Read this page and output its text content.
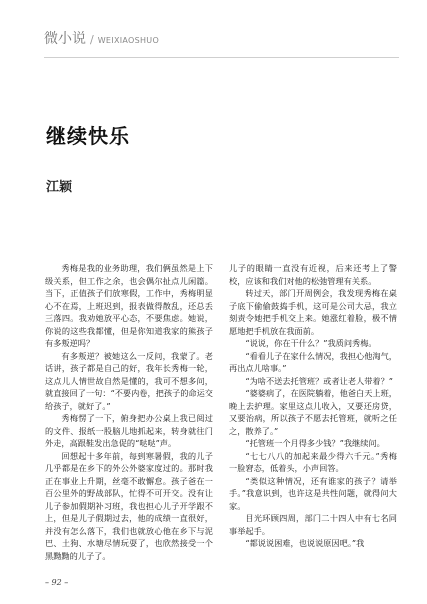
微小说 / WEIXIAOSHUO
继续快乐
江颖

秀梅是我的业务助理，我们俩虽然是上下级关系，但工作之余，也会偶尔扯点儿闲篇。当下，正值孩子们放寒假，工作中，秀梅明显心不在焉，上班迟到，报表做得散乱，还总丢三落四。我劝她放平心态，不要焦虑。她说，你说的这些我都懂，但是你知道我家的熊孩子有多叛逆吗？

有多叛逆？被她这么一反问，我蒙了。老话讲，孩子都是自己的好，我年长秀梅一轮，这点儿人情世故自然是懂的，我可不想多问，就直接回了一句：“不要内卷，把孩子的命运交给孩子，就好了。”

秀梅愣了一下，俯身把办公桌上我已阅过的文件、报纸一股脑儿地抓起来，转身就往门外走，高跟鞋发出急促的“哒哒”声。

回想起十多年前，每到寒暑假，我的儿子几乎都是在乡下的外公外婆家度过的。那时我正在事业上升期，丝毫不敢懈怠。孩子爸在一百公里外的野战部队，忙得不可开交。没有让儿子参加假期补习班，我也担心儿子开学跟不上，但是儿子假期过去，他的成绩一直很好，并没有怎么落下，我们也就放心他在乡下与泥巴、土狗、水塘尽情玩耍了，也欣然接受一个黑黝黝的儿子了。

儿子的眼睛一直没有近视，后来还考上了警校，应该和我们对他的松弛管理有关系。

转过天，部门开周例会，我发现秀梅在桌子底下偷偷鼓捣手机，这可是公司大忌，我立刻责令她把手机交上来。她涨红着脸，极不情愿地把手机放在我面前。

“说说，你在干什么？”我质问秀梅。

“看看儿子在家什么情况，我担心他淘气，再出点儿啥事。”

“为啥不送去托管班？或者让老人带着？”

“婆婆病了，在医院躺着，他爸白天上班，晚上去护理。家里这点儿收入，又要还房贷，又要治病，所以孩子不愿去托管班，就听之任之，散养了。”

“托管班一个月得多少钱？”我继续问。

“七七八八的加起来最少得六千元。”秀梅一脸窘态，低着头，小声回答。

“类似这种情况，还有谁家的孩子？请举手。”我意识到，也许这是共性问题，就得问大家。

目光环顾四周，部门二十四人中有七名同事举起手。

“都说说困难，也说说原因吧。”我

– 92 –
